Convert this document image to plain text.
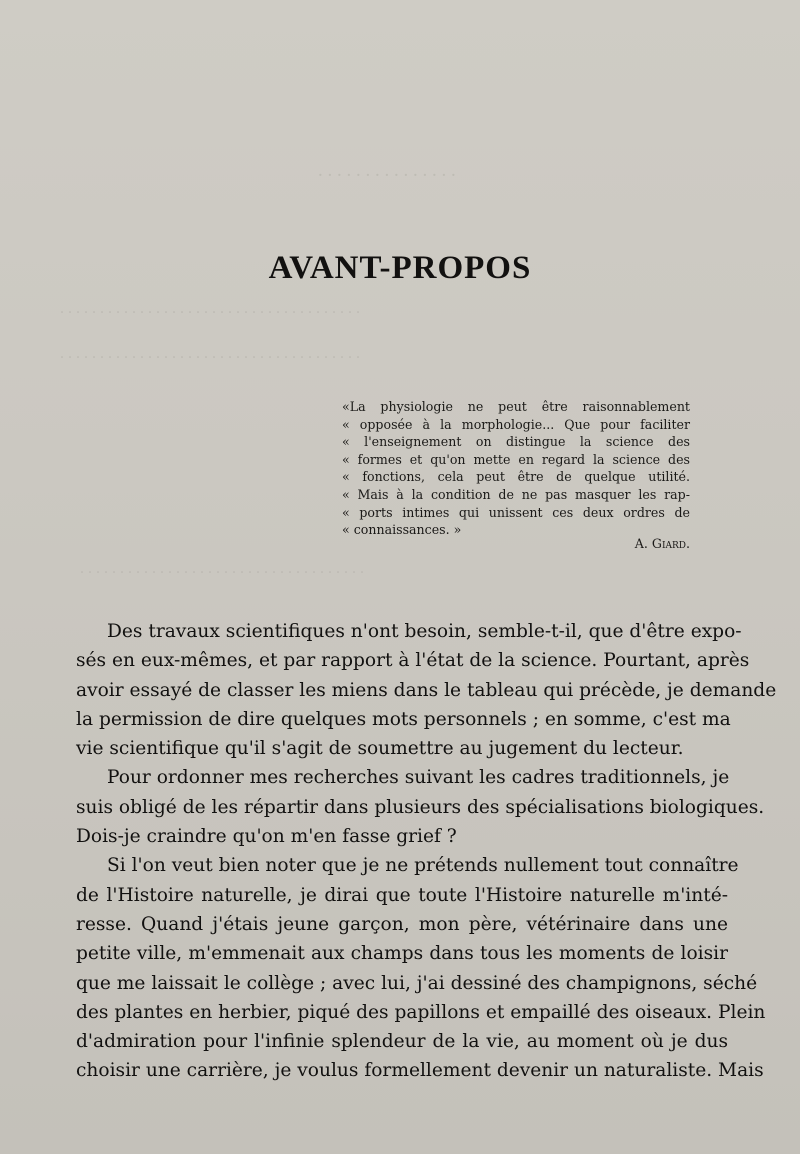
. . . . . . . . . . . . . . .
. . . . . . . . . . . . . . . . . . . . . . . . . . . . . . . . . . . . . .
. . . . . . . . . . . . . . . . . . . . . . . . . . . . . . . . . . . . . .
. . . . . . . . . . . . . . . . . . . . . . . . . . . . . . . . . . . .
AVANT-PROPOS
«La physiologie ne peut être raisonnablement
« opposée à la morphologie... Que pour faciliter
« l'enseignement on distingue la science des
« formes et qu'on mette en regard la science des
« fonctions, cela peut être de quelque utilité.
« Mais à la condition de ne pas masquer les rap-
« ports intimes qui unissent ces deux ordres de
« connaissances. »
A. Giard.
Des travaux scientifiques n'ont besoin, semble-t-il, que d'être expo-
sés en eux-mêmes, et par rapport à l'état de la science. Pourtant, après
avoir essayé de classer les miens dans le tableau qui précède, je demande
la permission de dire quelques mots personnels ; en somme, c'est ma
vie scientifique qu'il s'agit de soumettre au jugement du lecteur.
Pour ordonner mes recherches suivant les cadres traditionnels, je
suis obligé de les répartir dans plusieurs des spécialisations biologiques.
Dois-je craindre qu'on m'en fasse grief ?
Si l'on veut bien noter que je ne prétends nullement tout connaître
de l'Histoire naturelle, je dirai que toute l'Histoire naturelle m'inté-
resse. Quand j'étais jeune garçon, mon père, vétérinaire dans une
petite ville, m'emmenait aux champs dans tous les moments de loisir
que me laissait le collège ; avec lui, j'ai dessiné des champignons, séché
des plantes en herbier, piqué des papillons et empaillé des oiseaux. Plein
d'admiration pour l'infinie splendeur de la vie, au moment où je dus
choisir une carrière, je voulus formellement devenir un naturaliste. Mais
